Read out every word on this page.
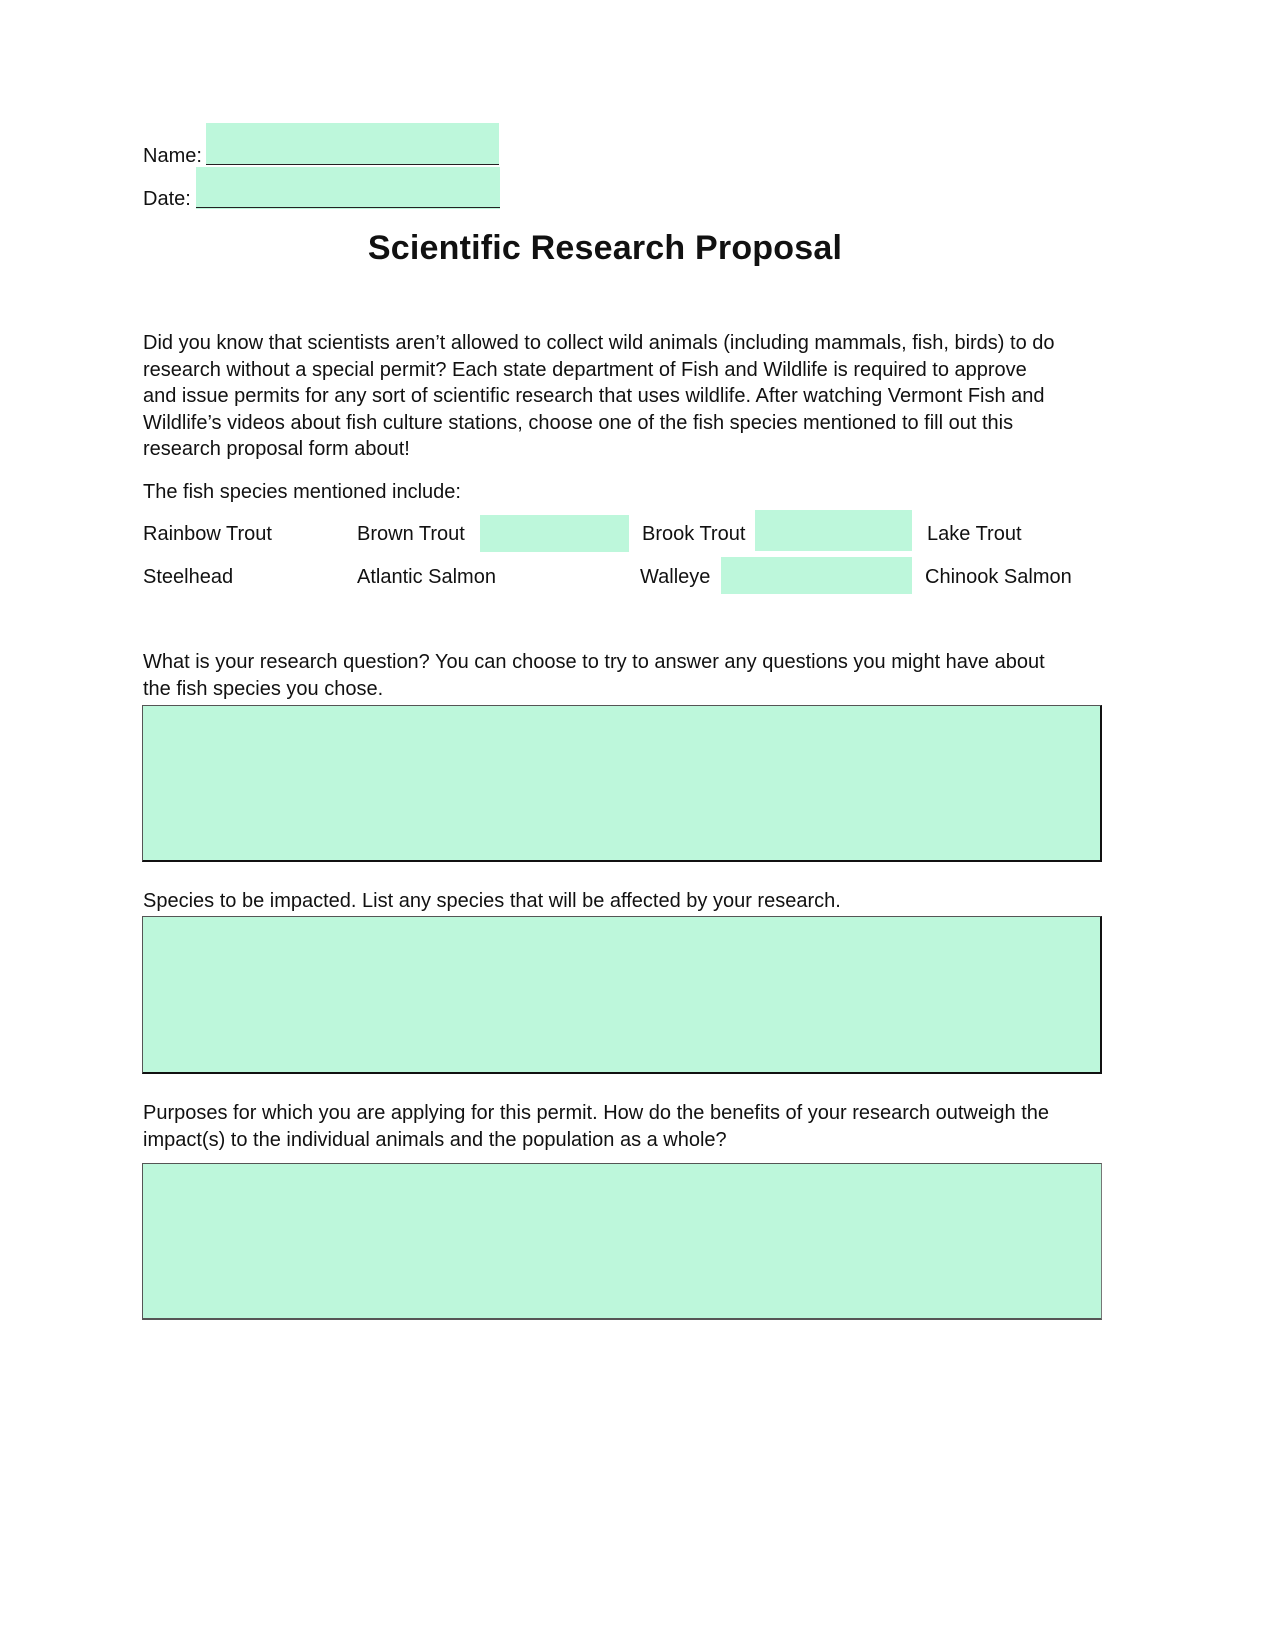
Name:
Date:
Scientific Research Proposal
Did you know that scientists aren’t allowed to collect wild animals (including mammals, fish, birds) to do
research without a special permit? Each state department of Fish and Wildlife is required to approve
and issue permits for any sort of scientific research that uses wildlife. After watching Vermont Fish and
Wildlife’s videos about fish culture stations, choose one of the fish species mentioned to fill out this
research proposal form about!
The fish species mentioned include:
Rainbow Trout	Brown Trout	Brook Trout	Lake Trout
Steelhead	Atlantic Salmon	Walleye	Chinook Salmon
What is your research question? You can choose to try to answer any questions you might have about
the fish species you chose.
Species to be impacted. List any species that will be affected by your research.
Purposes for which you are applying for this permit. How do the benefits of your research outweigh the
impact(s) to the individual animals and the population as a whole?
